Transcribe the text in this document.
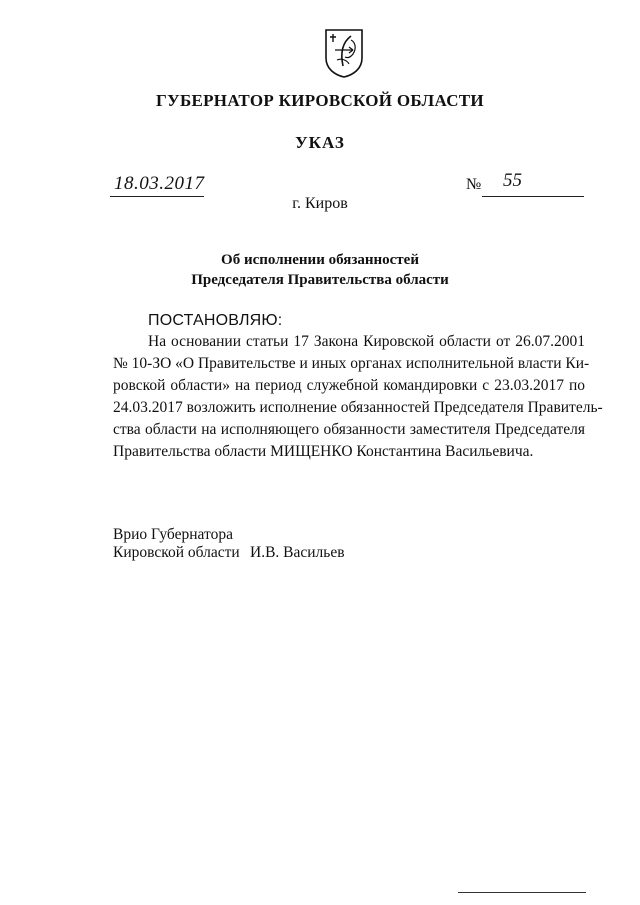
ГУБЕРНАТОР КИРОВСКОЙ ОБЛАСТИ
УКАЗ
18.03.2017	№ 55
г. Киров
Об исполнении обязанностей
Председателя Правительства области
ПОСТАНОВЛЯЮ:
На основании статьи 17 Закона Кировской области от 26.07.2001
№ 10-ЗО «О Правительстве и иных органах исполнительной власти Ки-
ровской области» на период служебной командировки с 23.03.2017 по
24.03.2017 возложить исполнение обязанностей Председателя Правитель-
ства области на исполняющего обязанности заместителя Председателя
Правительства области МИЩЕНКО Константина Васильевича.
Врио Губернатора
Кировской области И.В. Васильев
